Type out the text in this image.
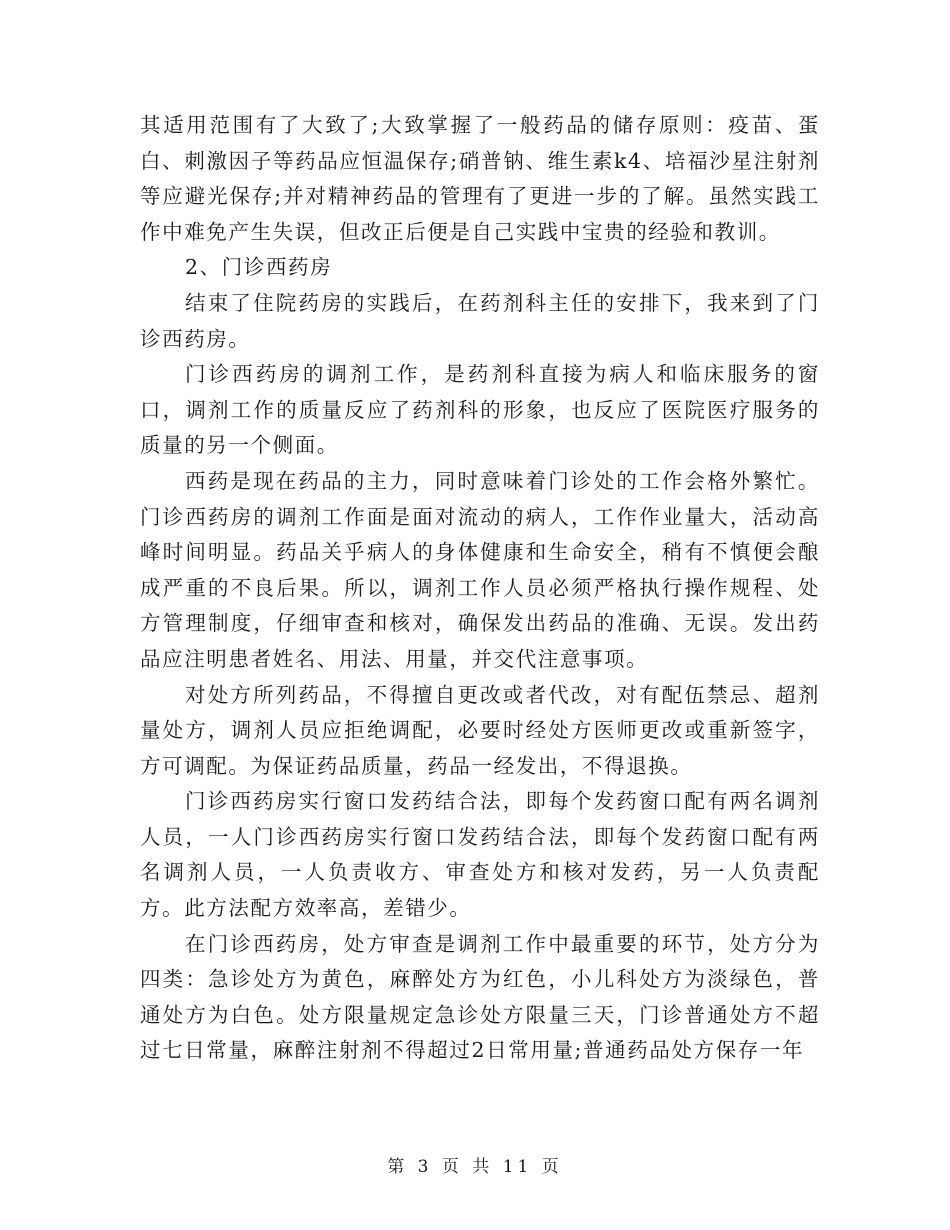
其适用范围有了大致了;大致掌握了一般药品的储存原则：疫苗、蛋白、刺激因子等药品应恒温保存;硝普钠、维生素k4、培福沙星注射剂等应避光保存;并对精神药品的管理有了更进一步的了解。虽然实践工作中难免产生失误，但改正后便是自己实践中宝贵的经验和教训。

2、门诊西药房

结束了住院药房的实践后，在药剂科主任的安排下，我来到了门诊西药房。

门诊西药房的调剂工作，是药剂科直接为病人和临床服务的窗口，调剂工作的质量反应了药剂科的形象，也反应了医院医疗服务的质量的另一个侧面。

西药是现在药品的主力，同时意味着门诊处的工作会格外繁忙。门诊西药房的调剂工作面是面对流动的病人，工作作业量大，活动高峰时间明显。药品关乎病人的身体健康和生命安全，稍有不慎便会酿成严重的不良后果。所以，调剂工作人员必须严格执行操作规程、处方管理制度，仔细审查和核对，确保发出药品的准确、无误。发出药品应注明患者姓名、用法、用量，并交代注意事项。

对处方所列药品，不得擅自更改或者代改，对有配伍禁忌、超剂量处方，调剂人员应拒绝调配，必要时经处方医师更改或重新签字，方可调配。为保证药品质量，药品一经发出，不得退换。

门诊西药房实行窗口发药结合法，即每个发药窗口配有两名调剂人员，一人门诊西药房实行窗口发药结合法，即每个发药窗口配有两名调剂人员，一人负责收方、审查处方和核对发药，另一人负责配方。此方法配方效率高，差错少。

在门诊西药房，处方审查是调剂工作中最重要的环节，处方分为四类：急诊处方为黄色，麻醉处方为红色，小儿科处方为淡绿色，普通处方为白色。处方限量规定急诊处方限量三天，门诊普通处方不超过七日常量，麻醉注射剂不得超过2日常用量;普通药品处方保存一年

第 3 页 共 11 页
